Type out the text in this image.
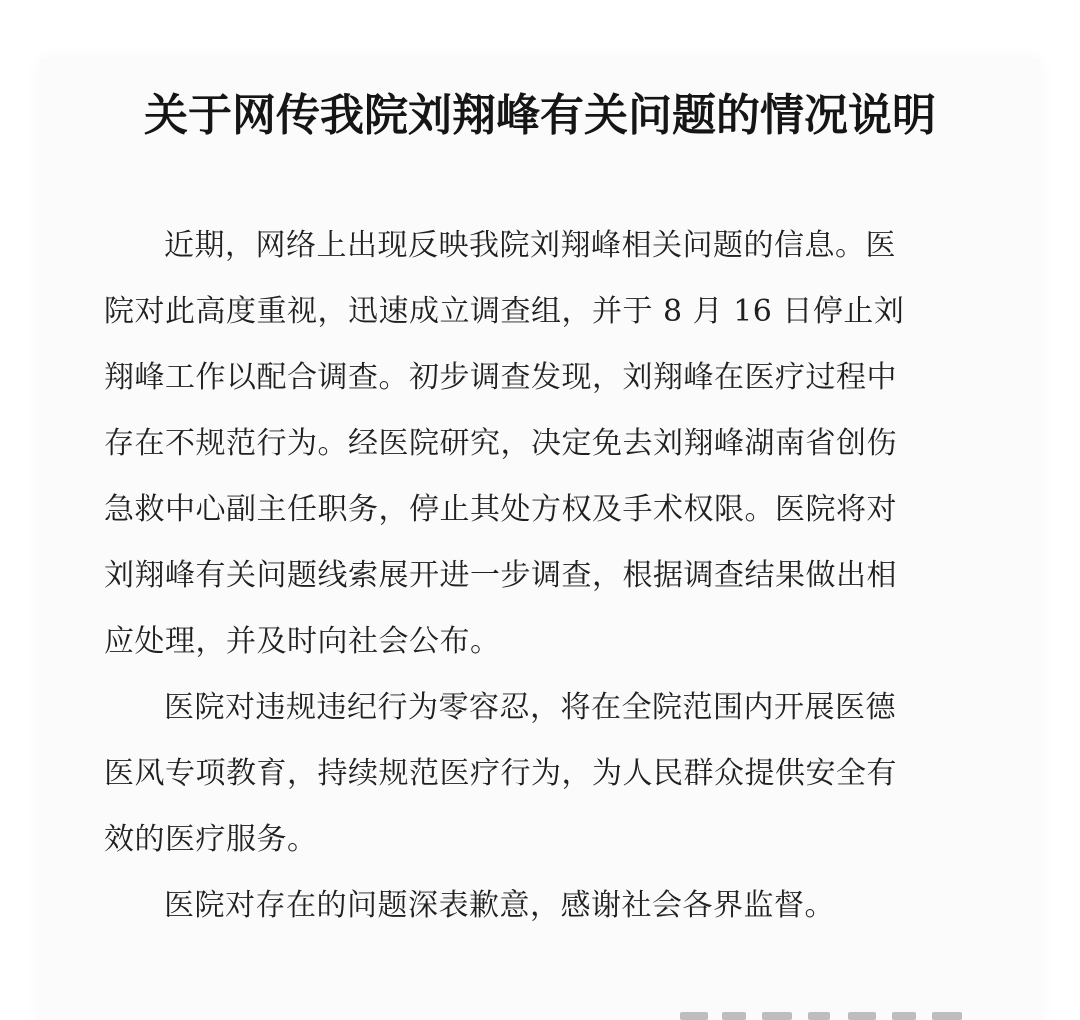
关于网传我院刘翔峰有关问题的情况说明
近期，网络上出现反映我院刘翔峰相关问题的信息。医
院对此高度重视，迅速成立调查组，并于 8 月 16 日停止刘
翔峰工作以配合调查。初步调查发现，刘翔峰在医疗过程中
存在不规范行为。经医院研究，决定免去刘翔峰湖南省创伤
急救中心副主任职务，停止其处方权及手术权限。医院将对
刘翔峰有关问题线索展开进一步调查，根据调查结果做出相
应处理，并及时向社会公布。
医院对违规违纪行为零容忍，将在全院范围内开展医德
医风专项教育，持续规范医疗行为，为人民群众提供安全有
效的医疗服务。
医院对存在的问题深表歉意，感谢社会各界监督。
